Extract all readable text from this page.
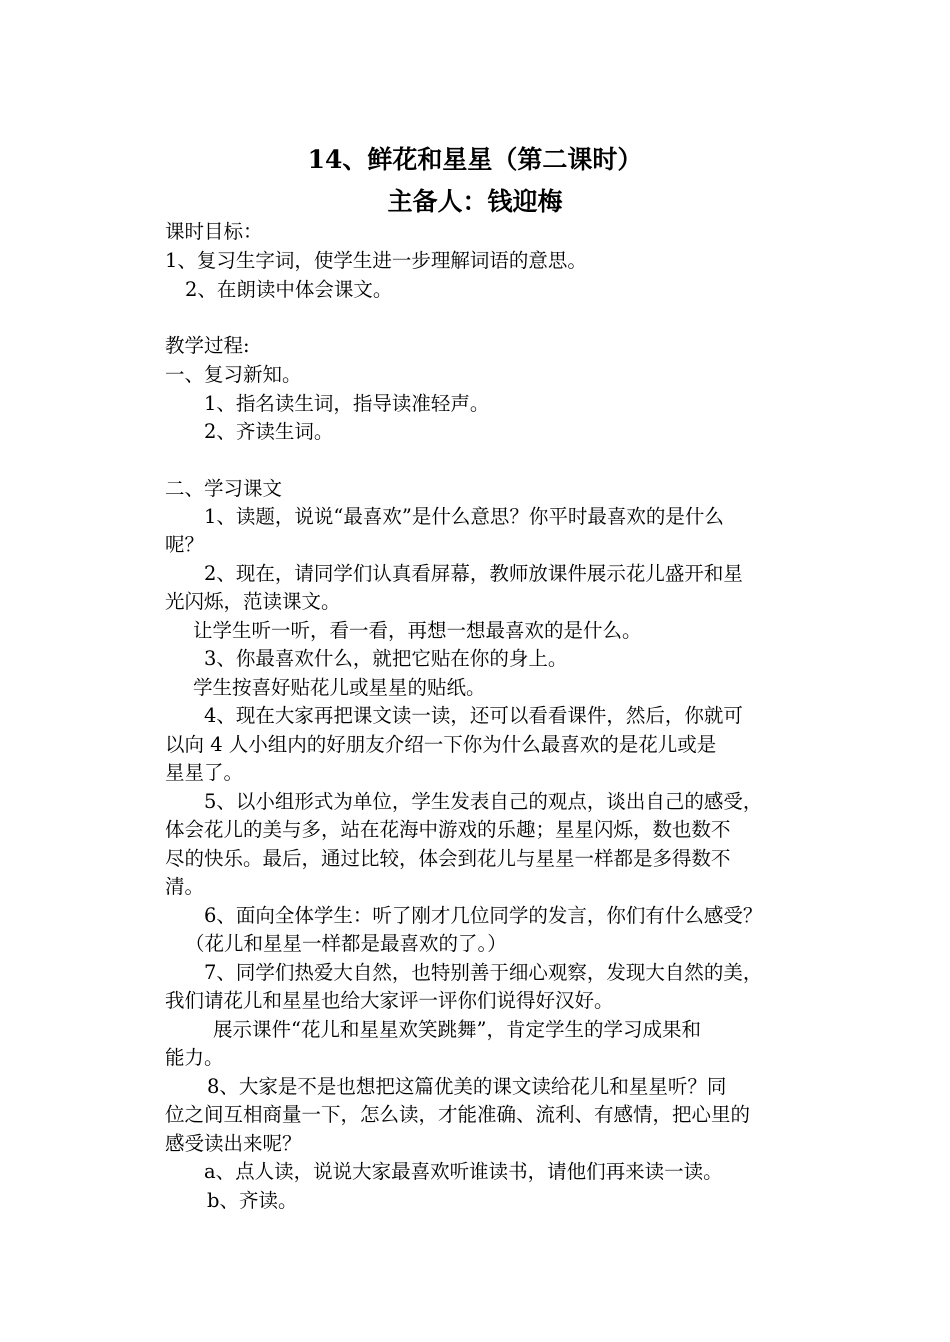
14、鲜花和星星（第二课时）
主备人：钱迎梅
课时目标：
1、复习生字词，使学生进一步理解词语的意思。
2、在朗读中体会课文。
教学过程:
一、复习新知。
1、指名读生词，指导读准轻声。
2、齐读生词。
二、学习课文
1、读题，说说“最喜欢”是什么意思？你平时最喜欢的是什么
呢？
2、现在，请同学们认真看屏幕，教师放课件展示花儿盛开和星
光闪烁，范读课文。
让学生听一听，看一看，再想一想最喜欢的是什么。
3、你最喜欢什么，就把它贴在你的身上。
学生按喜好贴花儿或星星的贴纸。
4、现在大家再把课文读一读，还可以看看课件，然后，你就可
以向 4 人小组内的好朋友介绍一下你为什么最喜欢的是花儿或是
星星了。
5、以小组形式为单位，学生发表自己的观点，谈出自己的感受，
体会花儿的美与多，站在花海中游戏的乐趣；星星闪烁，数也数不
尽的快乐。最后，通过比较，体会到花儿与星星一样都是多得数不
清。
6、面向全体学生：听了刚才几位同学的发言，你们有什么感受？
（花儿和星星一样都是最喜欢的了。）
7、同学们热爱大自然，也特别善于细心观察，发现大自然的美，
我们请花儿和星星也给大家评一评你们说得好汉好。
展示课件“花儿和星星欢笑跳舞”，肯定学生的学习成果和
能力。
8、大家是不是也想把这篇优美的课文读给花儿和星星听？同
位之间互相商量一下，怎么读，才能准确、流利、有感情，把心里的
感受读出来呢？
a、点人读，说说大家最喜欢听谁读书，请他们再来读一读。
b、齐读。
